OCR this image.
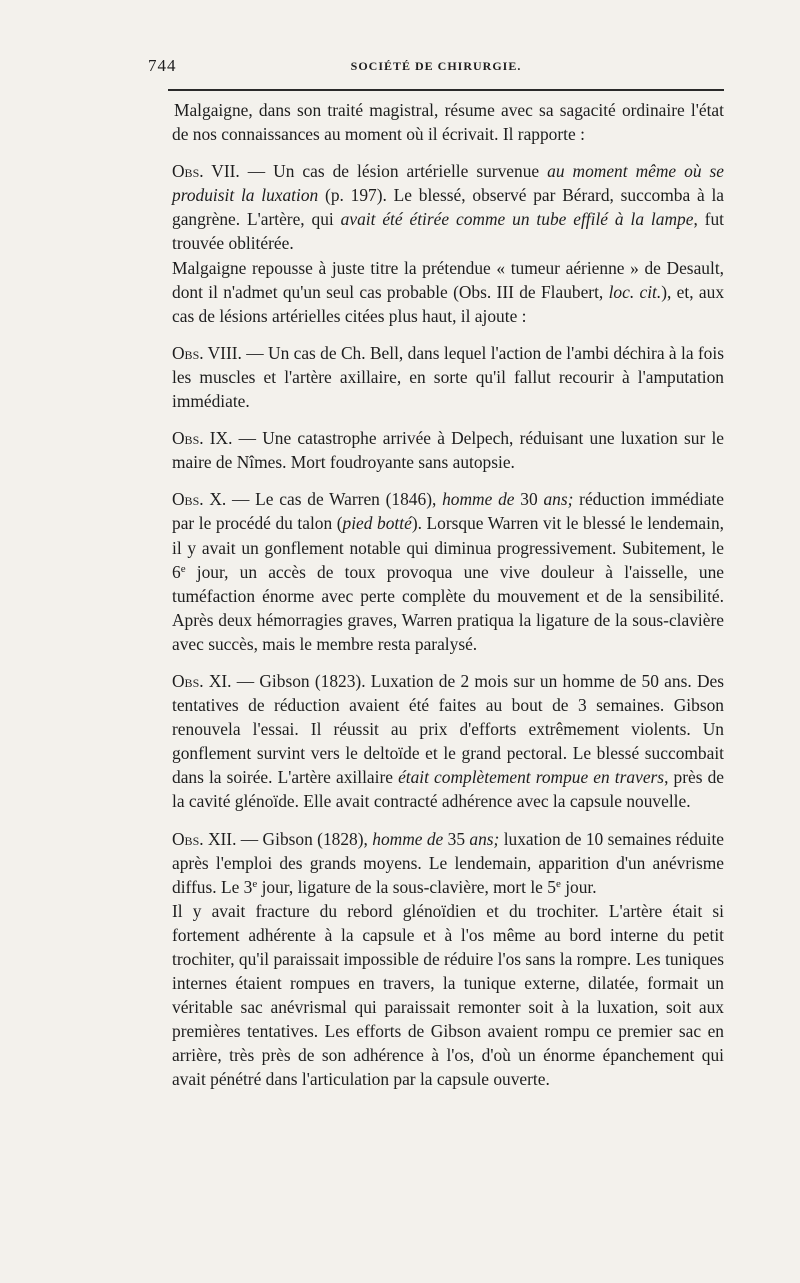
744	SOCIÉTÉ DE CHIRURGIE.

Malgaigne, dans son traité magistral, résume avec sa sagacité ordinaire l'état de nos connaissances au moment où il écrivait. Il rapporte :

Obs. VII. — Un cas de lésion artérielle survenue au moment même où se produisit la luxation (p. 197). Le blessé, observé par Bérard, succomba à la gangrène. L'artère, qui avait été étirée comme un tube effilé à la lampe, fut trouvée oblitérée.

Malgaigne repousse à juste titre la prétendue « tumeur aérienne » de Desault, dont il n'admet qu'un seul cas probable (Obs. III de Flaubert, loc. cit.), et, aux cas de lésions artérielles citées plus haut, il ajoute :

Obs. VIII. — Un cas de Ch. Bell, dans lequel l'action de l'ambi déchira à la fois les muscles et l'artère axillaire, en sorte qu'il fallut recourir à l'amputation immédiate.

Obs. IX. — Une catastrophe arrivée à Delpech, réduisant une luxation sur le maire de Nîmes. Mort foudroyante sans autopsie.

Obs. X. — Le cas de Warren (1846), homme de 30 ans; réduction immédiate par le procédé du talon (pied botté). Lorsque Warren vit le blessé le lendemain, il y avait un gonflement notable qui diminua progressivement. Subitement, le 6e jour, un accès de toux provoqua une vive douleur à l'aisselle, une tuméfaction énorme avec perte complète du mouvement et de la sensibilité. Après deux hémorragies graves, Warren pratiqua la ligature de la sous-clavière avec succès, mais le membre resta paralysé.

Obs. XI. — Gibson (1823). Luxation de 2 mois sur un homme de 50 ans. Des tentatives de réduction avaient été faites au bout de 3 semaines. Gibson renouvela l'essai. Il réussit au prix d'efforts extrêmement violents. Un gonflement survint vers le deltoïde et le grand pectoral. Le blessé succombait dans la soirée. L'artère axillaire était complètement rompue en travers, près de la cavité glénoïde. Elle avait contracté adhérence avec la capsule nouvelle.

Obs. XII. — Gibson (1828), homme de 35 ans; luxation de 10 semaines réduite après l'emploi des grands moyens. Le lendemain, apparition d'un anévrisme diffus. Le 3e jour, ligature de la sous-clavière, mort le 5e jour.

Il y avait fracture du rebord glénoïdien et du trochiter. L'artère était si fortement adhérente à la capsule et à l'os même au bord interne du petit trochiter, qu'il paraissait impossible de réduire l'os sans la rompre. Les tuniques internes étaient rompues en travers, la tunique externe, dilatée, formait un véritable sac anévrismal qui paraissait remonter soit à la luxation, soit aux premières tentatives. Les efforts de Gibson avaient rompu ce premier sac en arrière, très près de son adhérence à l'os, d'où un énorme épanchement qui avait pénétré dans l'articulation par la capsule ouverte.
